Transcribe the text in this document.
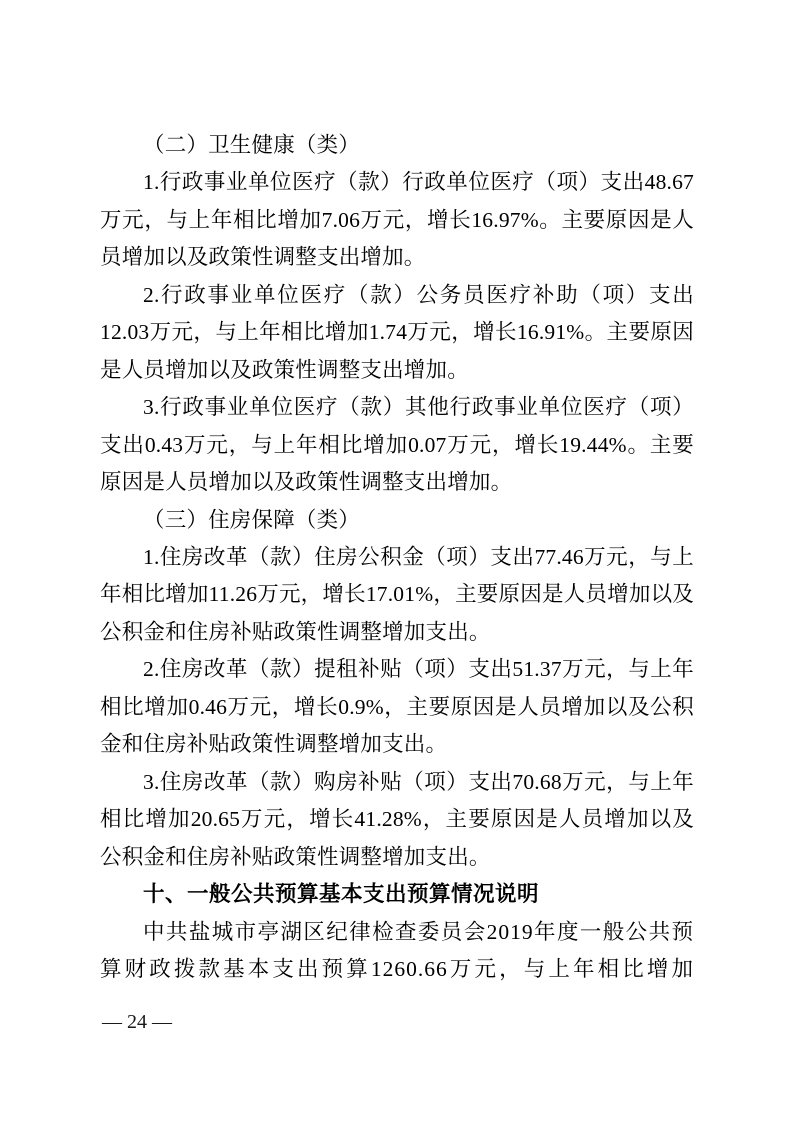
（二）卫生健康（类）

1.行政事业单位医疗（款）行政单位医疗（项）支出48.67万元，与上年相比增加7.06万元，增长16.97%。主要原因是人员增加以及政策性调整支出增加。

2.行政事业单位医疗（款）公务员医疗补助（项）支出12.03万元，与上年相比增加1.74万元，增长16.91%。主要原因是人员增加以及政策性调整支出增加。

3.行政事业单位医疗（款）其他行政事业单位医疗（项）支出0.43万元，与上年相比增加0.07万元，增长19.44%。主要原因是人员增加以及政策性调整支出增加。

（三）住房保障（类）

1.住房改革（款）住房公积金（项）支出77.46万元，与上年相比增加11.26万元，增长17.01%，主要原因是人员增加以及公积金和住房补贴政策性调整增加支出。

2.住房改革（款）提租补贴（项）支出51.37万元，与上年相比增加0.46万元，增长0.9%，主要原因是人员增加以及公积金和住房补贴政策性调整增加支出。

3.住房改革（款）购房补贴（项）支出70.68万元，与上年相比增加20.65万元，增长41.28%，主要原因是人员增加以及公积金和住房补贴政策性调整增加支出。

十、一般公共预算基本支出预算情况说明

中共盐城市亭湖区纪律检查委员会2019年度一般公共预算财政拨款基本支出预算1260.66万元，与上年相比增加

— 24 —
